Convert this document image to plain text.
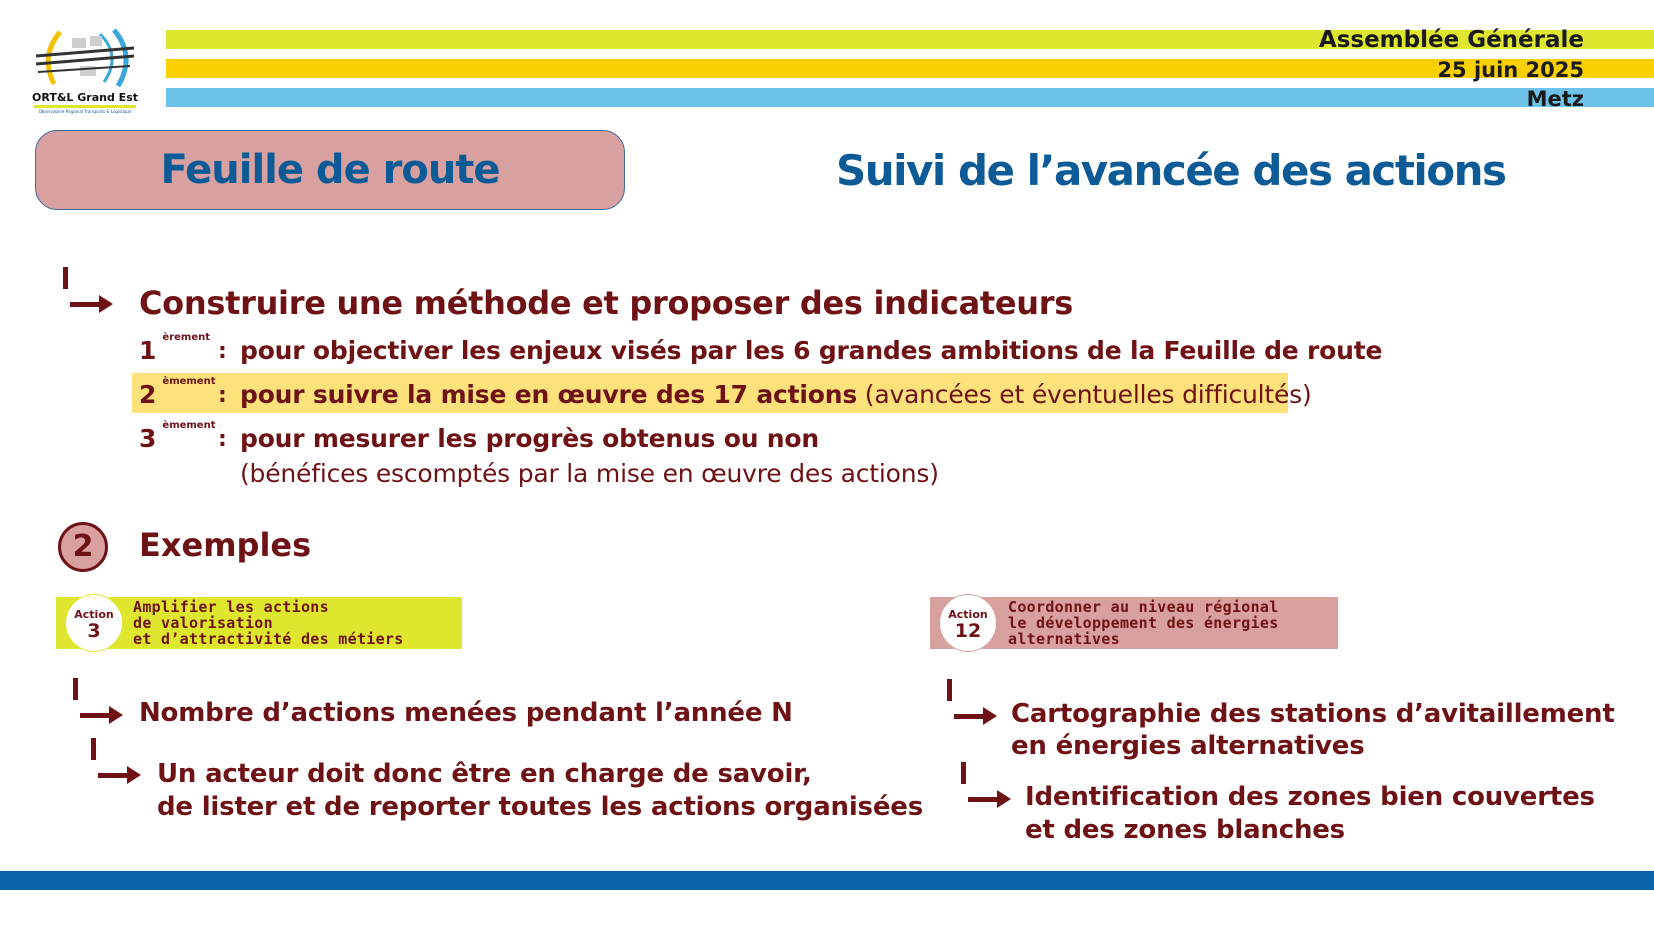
ORT&L Grand Est
Observatoire Régional Transports & Logistique
Assemblée Générale
25 juin 2025
Metz
Feuille de route	Suivi de l’avancée des actions
Construire une méthode et proposer des indicateurs
1 $^{èrement}$
: pour objectiver les enjeux visés par les 6 grandes ambitions de la Feuille de route
2 $^{èmement}$
: pour suivre la mise en œuvre des 17 actions (avancées et éventuelles difficultés)
3 $^{èmement}$
: pour mesurer les progrès obtenus ou non
(bénéfices escomptés par la mise en œuvre des actions)
2	Exemples
Action
3
Amplifier les actions
de valorisation
et d’attractivité des métiers
Action
12
Coordonner au niveau régional
le développement des énergies
alternatives
Nombre d’actions menées pendant l’année N
Un acteur doit donc être en charge de savoir,
de lister et de reporter toutes les actions organisées
Cartographie des stations d’avitaillement
en énergies alternatives
Identification des zones bien couvertes
et des zones blanches
